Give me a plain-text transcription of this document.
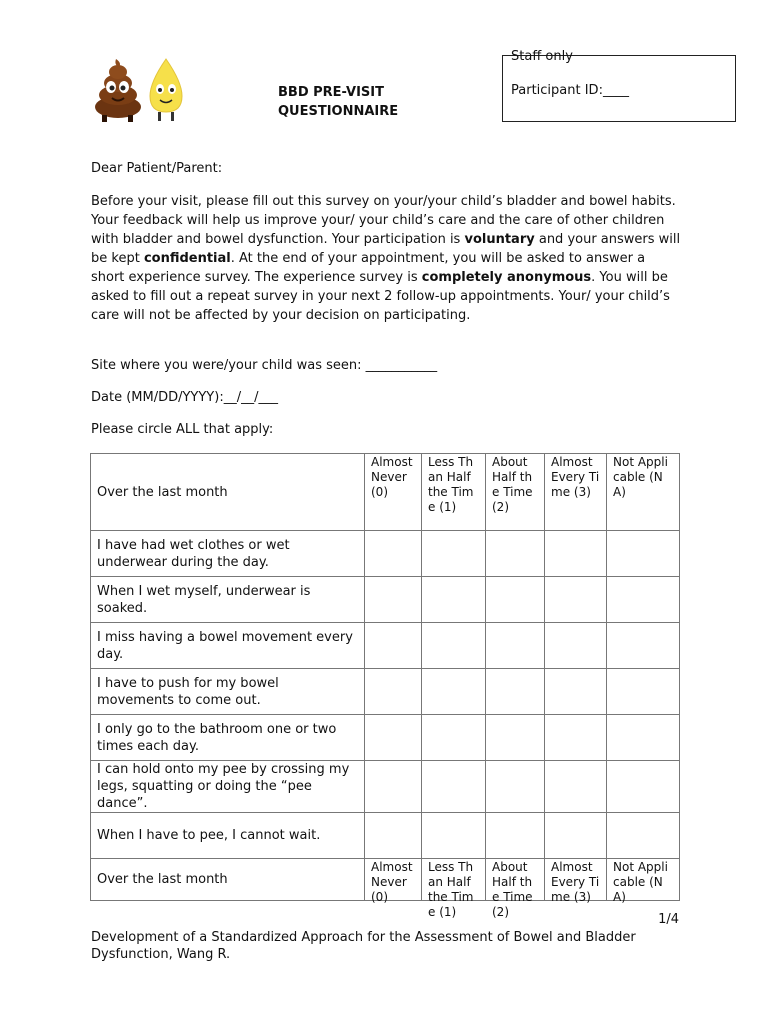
BBD PRE-VISIT QUESTIONNAIRE

Staff only
Participant ID:____

Dear Patient/Parent:

Before your visit, please fill out this survey on your/your child’s bladder and bowel habits. Your feedback will help us improve your/ your child’s care and the care of other children with bladder and bowel dysfunction. Your participation is voluntary and your answers will be kept confidential. At the end of your appointment, you will be asked to answer a short experience survey. The experience survey is completely anonymous. You will be asked to fill out a repeat survey in your next 2 follow-up appointments. Your/ your child’s care will not be affected by your decision on participating.

Site where you were/your child was seen: ___________

Date (MM/DD/YYYY):__/__/___

Please circle ALL that apply:

Over the last month	Almost Never (0)	Less Than Half the Time (1)	About Half the Time (2)	Almost Every Time (3)	Not Applicable (NA)
I have had wet clothes or wet underwear during the day.					
When I wet myself, underwear is soaked.					
I miss having a bowel movement every day.					
I have to push for my bowel movements to come out.					
I only go to the bathroom one or two times each day.					
I can hold onto my pee by crossing my legs, squatting or doing the “pee dance”.					
When I have to pee, I cannot wait.					
Over the last month	Almost Never (0)	Less Than Half the Time (1)	About Half the Time (2)	Almost Every Time (3)	Not Applicable (NA)
1/4
Development of a Standardized Approach for the Assessment of Bowel and Bladder Dysfunction, Wang R.
